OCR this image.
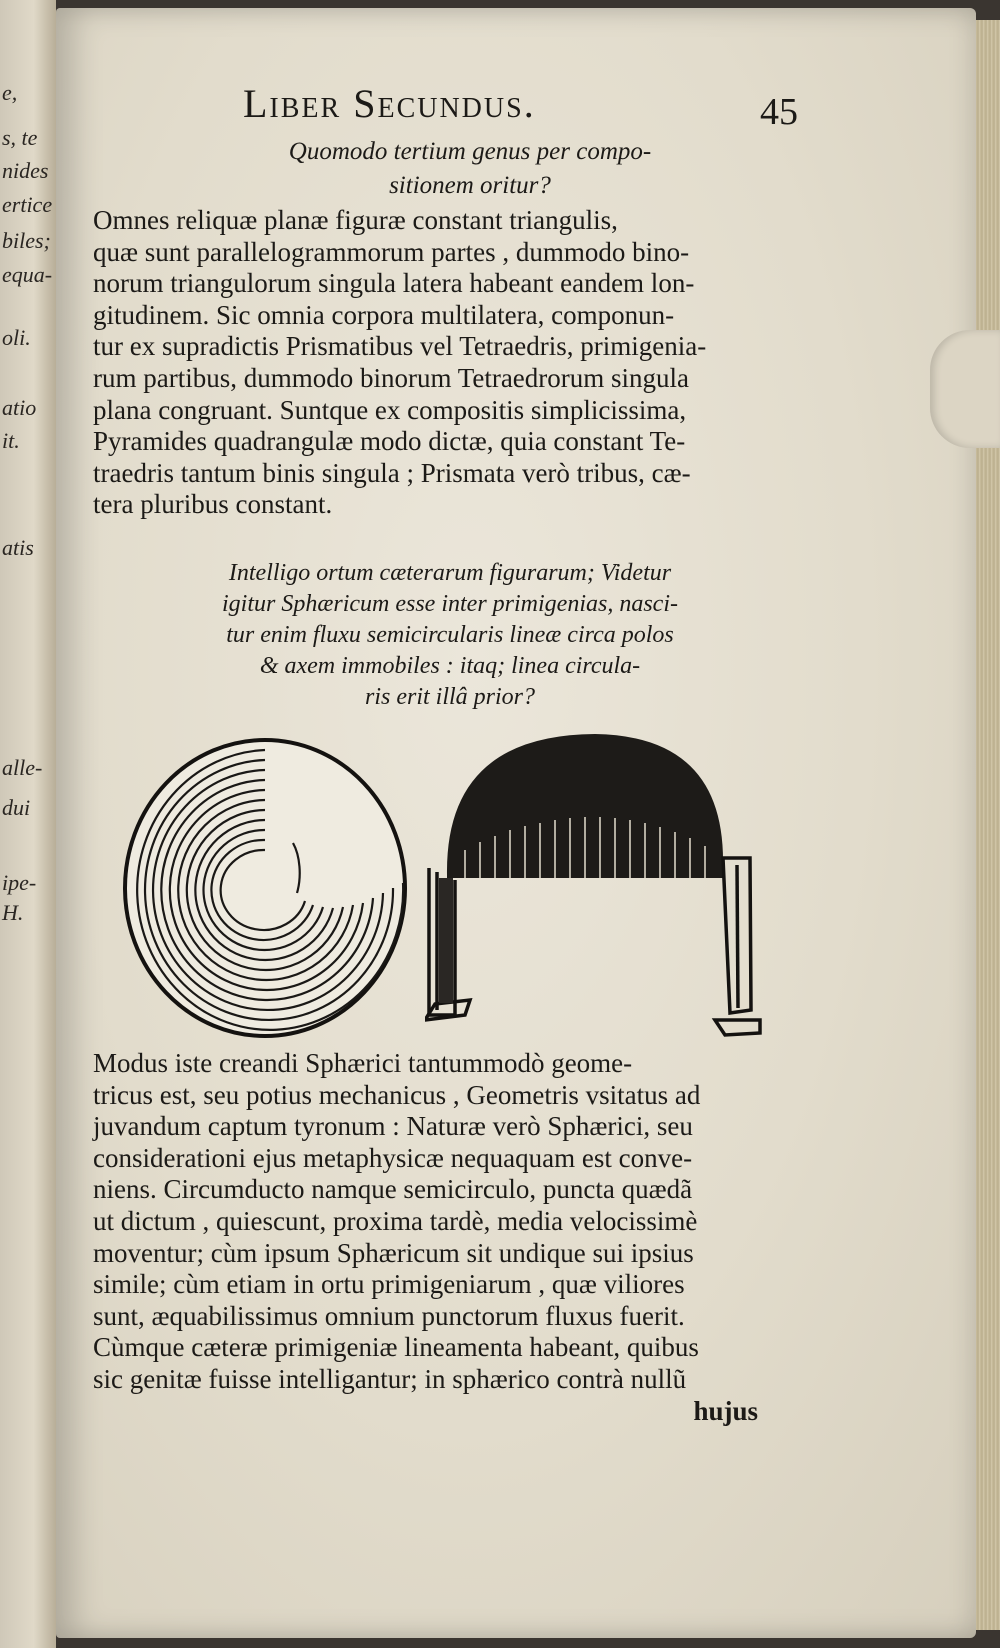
e,
s, te
nides
ertice
biles;
equa-
oli.
atio
it.
atis
alle-
dui
ipe-
H.
Liber Secundus.	45
Quomodo tertium genus per compo-
sitionem oritur?
Omnes reliquæ planæ figuræ constant triangulis,
quæ sunt parallelogrammorum partes , dummodo bino-
norum triangulorum singula latera habeant eandem lon-
gitudinem. Sic omnia corpora multilatera, componun-
tur ex supradictis Prismatibus vel Tetraedris, primigenia-
rum partibus, dummodo binorum Tetraedrorum singula
plana congruant. Suntque ex compositis simplicissima,
Pyramides quadrangulæ modo dictæ, quia constant Te-
traedris tantum binis singula ; Prismata verò tribus, cæ-
tera pluribus constant.
Intelligo ortum cæterarum figurarum; Videtur
igitur Sphæricum esse inter primigenias, nasci-
tur enim fluxu semicircularis lineæ circa polos
& axem immobiles : itaq; linea circula-
ris erit illâ prior?
Modus iste creandi Sphærici tantummodò geome-
tricus est, seu potius mechanicus , Geometris vsitatus ad
juvandum captum tyronum : Naturæ verò Sphærici, seu
considerationi ejus metaphysicæ nequaquam est conve-
niens. Circumducto namque semicirculo, puncta quædã
ut dictum , quiescunt, proxima tardè, media velocissimè
moventur; cùm ipsum Sphæricum sit undique sui ipsius
simile; cùm etiam in ortu primigeniarum , quæ viliores
sunt, æquabilissimus omnium punctorum fluxus fuerit.
Cùmque cæteræ primigeniæ lineamenta habeant, quibus
sic genitæ fuisse intelligantur; in sphærico contrà nullũ
hujus
